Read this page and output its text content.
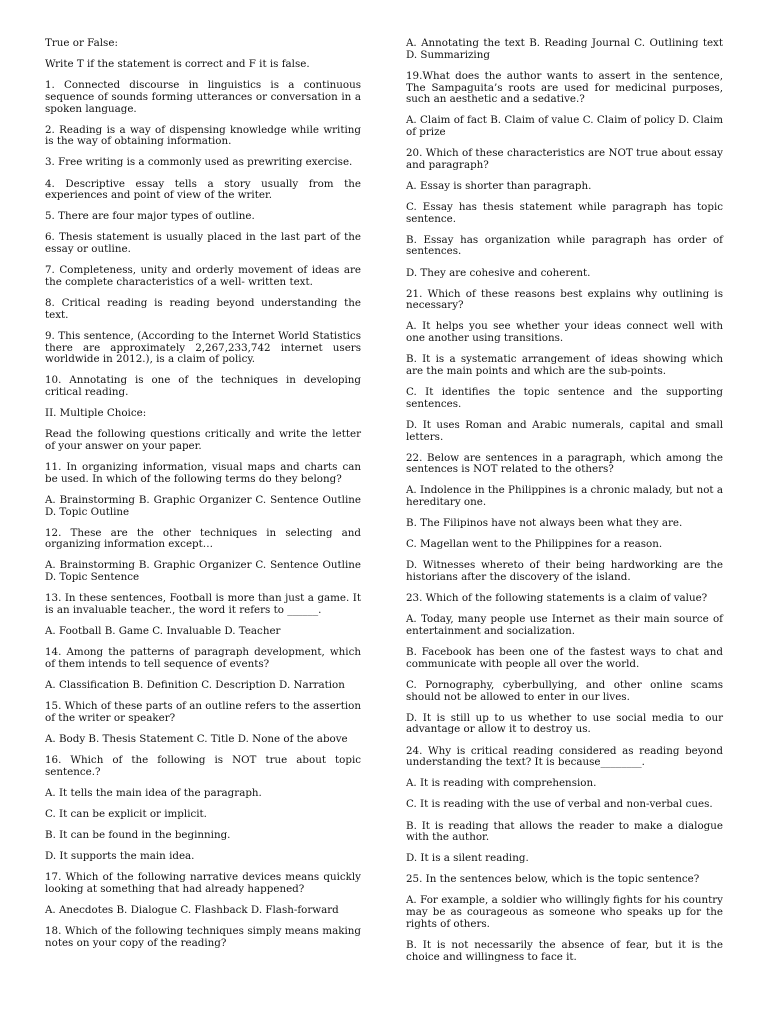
True or False:

Write T if the statement is correct and F it is false.

1. Connected discourse in linguistics is a continuous sequence of sounds forming utterances or conversation in a spoken language.

2. Reading is a way of dispensing knowledge while writing is the way of obtaining information.

3. Free writing is a commonly used as prewriting exercise.

4. Descriptive essay tells a story usually from the experiences and point of view of the writer.

5. There are four major types of outline.

6. Thesis statement is usually placed in the last part of the essay or outline.

7. Completeness, unity and orderly movement of ideas are the complete characteristics of a well- written text.

8. Critical reading is reading beyond understanding the text.

9. This sentence, (According to the Internet World Statistics there are approximately 2,267,233,742 internet users worldwide in 2012.), is a claim of policy.

10. Annotating is one of the techniques in developing critical reading.

II. Multiple Choice:

Read the following questions critically and write the letter of your answer on your paper.

11. In organizing information, visual maps and charts can be used. In which of the following terms do they belong?

A. Brainstorming B. Graphic Organizer C. Sentence Outline D. Topic Outline

12. These are the other techniques in selecting and organizing information except…

A. Brainstorming B. Graphic Organizer C. Sentence Outline D. Topic Sentence

13. In these sentences, Football is more than just a game. It is an invaluable teacher., the word it refers to ______.

A. Football B. Game C. Invaluable D. Teacher

14. Among the patterns of paragraph development, which of them intends to tell sequence of events?

A. Classification B. Definition C. Description D. Narration

15. Which of these parts of an outline refers to the assertion of the writer or speaker?

A. Body B. Thesis Statement C. Title D. None of the above

16. Which of the following is NOT true about topic sentence.?

A. It tells the main idea of the paragraph.

C. It can be explicit or implicit.

B. It can be found in the beginning.

D. It supports the main idea.

17. Which of the following narrative devices means quickly looking at something that had already happened?

A. Anecdotes B. Dialogue C. Flashback D. Flash-forward

18. Which of the following techniques simply means making notes on your copy of the reading?

A. Annotating the text B. Reading Journal C. Outlining text D. Summarizing

19.What does the author wants to assert in the sentence, The Sampaguita’s roots are used for medicinal purposes, such an aesthetic and a sedative.?

A. Claim of fact B. Claim of value C. Claim of policy D. Claim of prize

20. Which of these characteristics are NOT true about essay and paragraph?

A. Essay is shorter than paragraph.

C. Essay has thesis statement while paragraph has topic sentence.

B. Essay has organization while paragraph has order of sentences.

D. They are cohesive and coherent.

21. Which of these reasons best explains why outlining is necessary?

A. It helps you see whether your ideas connect well with one another using transitions.

B. It is a systematic arrangement of ideas showing which are the main points and which are the sub-points.

C. It identifies the topic sentence and the supporting sentences.

D. It uses Roman and Arabic numerals, capital and small letters.

22. Below are sentences in a paragraph, which among the sentences is NOT related to the others?

A. Indolence in the Philippines is a chronic malady, but not a hereditary one.

B. The Filipinos have not always been what they are.

C. Magellan went to the Philippines for a reason.

D. Witnesses whereto of their being hardworking are the historians after the discovery of the island.

23. Which of the following statements is a claim of value?

A. Today, many people use Internet as their main source of entertainment and socialization.

B. Facebook has been one of the fastest ways to chat and communicate with people all over the world.

C. Pornography, cyberbullying, and other online scams should not be allowed to enter in our lives.

D. It is still up to us whether to use social media to our advantage or allow it to destroy us.

24. Why is critical reading considered as reading beyond understanding the text? It is because________.

A. It is reading with comprehension.

C. It is reading with the use of verbal and non-verbal cues.

B. It is reading that allows the reader to make a dialogue with the author.

D. It is a silent reading.

25. In the sentences below, which is the topic sentence?

A. For example, a soldier who willingly fights for his country may be as courageous as someone who speaks up for the rights of others.

B. It is not necessarily the absence of fear, but it is the choice and willingness to face it.
